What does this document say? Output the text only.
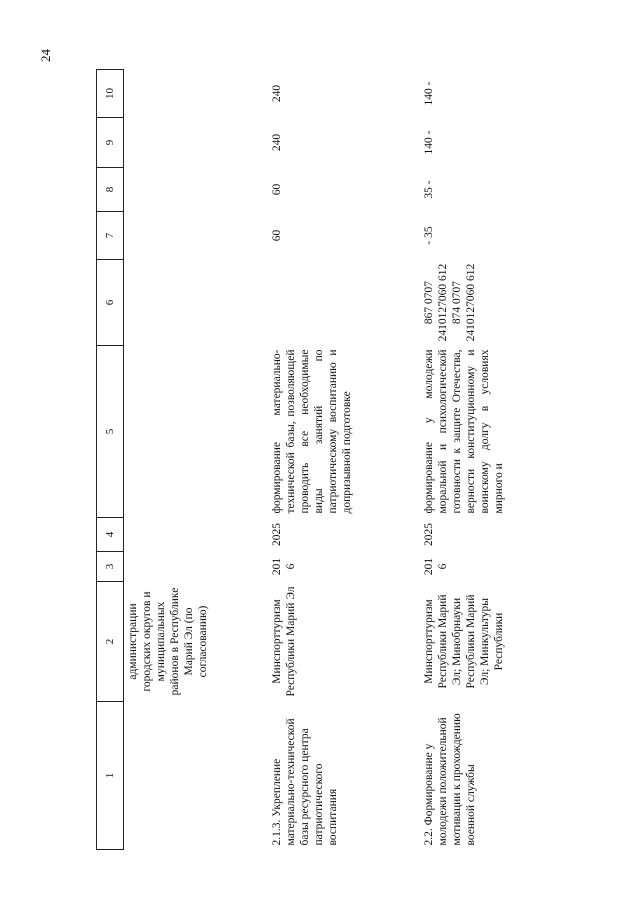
24
1	2	3	4	5	6	7	8	9	10
	администрации городских округов и муниципальных районов в Республике Марий Эл (по согласованию)								
2.1.3. Укрепление материально-технической базы ресурсного центра патриотического воспитания	Минспорттуризм Республики Марий Эл	2016	2025	формирование материально-технической базы, позволяющей проводить все необходимые виды занятий по патриотическому воспитанию и допризывной подготовке		60	60	240	240
2.2. Формирование у молодежи положительной мотивации к прохождению военной службы	Минспорттуризм Республики Марий Эл; Минобрнауки Республики Марий Эл; Минкультуры Республики	2016	2025	формирование у молодежи моральной и психологической готовности к защите Отечества, верности конституционному и воинскому долгу в условиях мирного и	867 0707 2410127060 612 874 0707 2410127060 612	- 35	35 -	140 -	140 -
